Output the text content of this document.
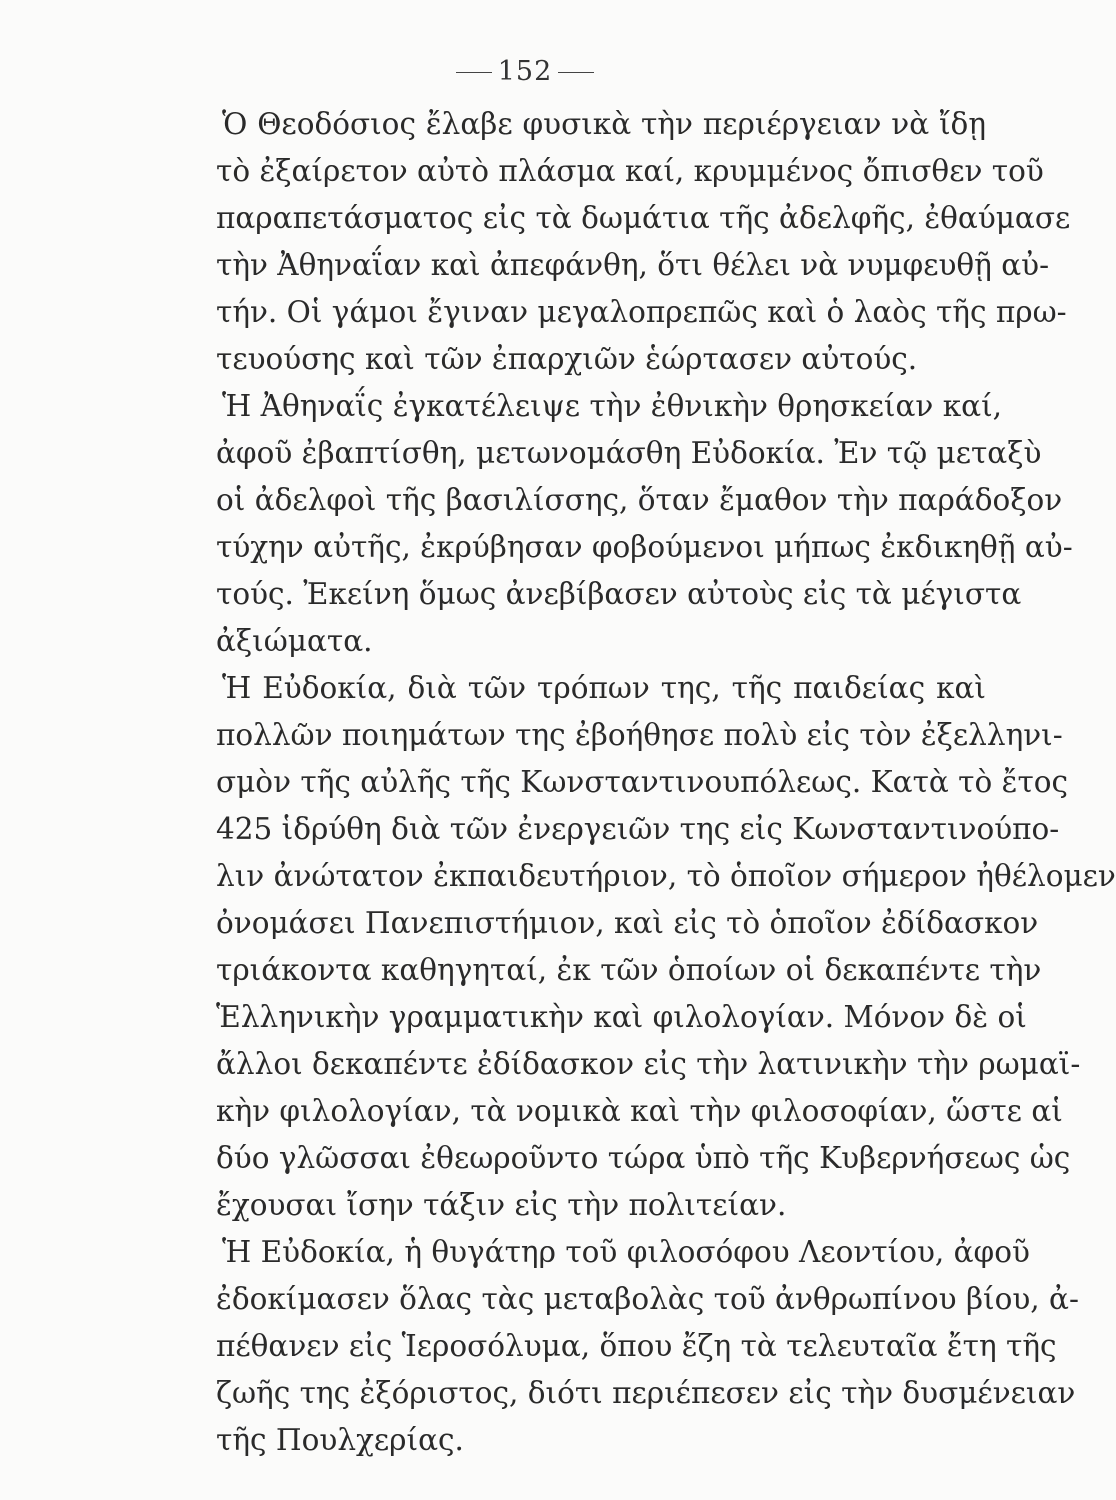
152
Ὁ Θεοδόσιος ἔλαβε φυσικὰ τὴν περιέργειαν νὰ ἴδῃ
τὸ ἐξαίρετον αὐτὸ πλάσμα καί, κρυμμένος ὄπισθεν τοῦ
παραπετάσματος εἰς τὰ δωμάτια τῆς ἀδελφῆς, ἐθαύμασε
τὴν Ἀθηναΐαν καὶ ἀπεφάνθη, ὅτι θέλει νὰ νυμφευθῇ αὐ-
τήν. Οἱ γάμοι ἔγιναν μεγαλοπρεπῶς καὶ ὁ λαὸς τῆς πρω-
τευούσης καὶ τῶν ἐπαρχιῶν ἑώρτασεν αὐτούς.
Ἡ Ἀθηναΐς ἐγκατέλειψε τὴν ἐθνικὴν θρησκείαν καί,
ἀφοῦ ἐβαπτίσθη, μετωνομάσθη Εὐδοκία. Ἐν τῷ μεταξὺ
οἱ ἀδελφοὶ τῆς βασιλίσσης, ὅταν ἔμαθον τὴν παράδοξον
τύχην αὐτῆς, ἐκρύβησαν φοβούμενοι μήπως ἐκδικηθῇ αὐ-
τούς. Ἐκείνη ὅμως ἀνεβίβασεν αὐτοὺς εἰς τὰ μέγιστα
ἀξιώματα.
Ἡ Εὐδοκία, διὰ τῶν τρόπων της, τῆς παιδείας καὶ
πολλῶν ποιημάτων της ἐβοήθησε πολὺ εἰς τὸν ἐξελληνι-
σμὸν τῆς αὐλῆς τῆς Κωνσταντινουπόλεως. Κατὰ τὸ ἔτος
425 ἱδρύθη διὰ τῶν ἐνεργειῶν της εἰς Κωνσταντινούπο-
λιν ἀνώτατον ἐκπαιδευτήριον, τὸ ὁποῖον σήμερον ἠθέλομεν
ὀνομάσει Πανεπιστήμιον, καὶ εἰς τὸ ὁποῖον ἐδίδασκον
τριάκοντα καθηγηταί, ἐκ τῶν ὁποίων οἱ δεκαπέντε τὴν
Ἑλληνικὴν γραμματικὴν καὶ φιλολογίαν. Μόνον δὲ οἱ
ἄλλοι δεκαπέντε ἐδίδασκον εἰς τὴν λατινικὴν τὴν ρωμαϊ-
κὴν φιλολογίαν, τὰ νομικὰ καὶ τὴν φιλοσοφίαν, ὥστε αἱ
δύο γλῶσσαι ἐθεωροῦντο τώρα ὑπὸ τῆς Κυβερνήσεως ὡς
ἔχουσαι ἴσην τάξιν εἰς τὴν πολιτείαν.
Ἡ Εὐδοκία, ἡ θυγάτηρ τοῦ φιλοσόφου Λεοντίου, ἀφοῦ
ἐδοκίμασεν ὅλας τὰς μεταβολὰς τοῦ ἀνθρωπίνου βίου, ἀ-
πέθανεν εἰς Ἱεροσόλυμα, ὅπου ἔζη τὰ τελευταῖα ἔτη τῆς
ζωῆς της ἐξόριστος, διότι περιέπεσεν εἰς τὴν δυσμένειαν
τῆς Πουλχερίας.
